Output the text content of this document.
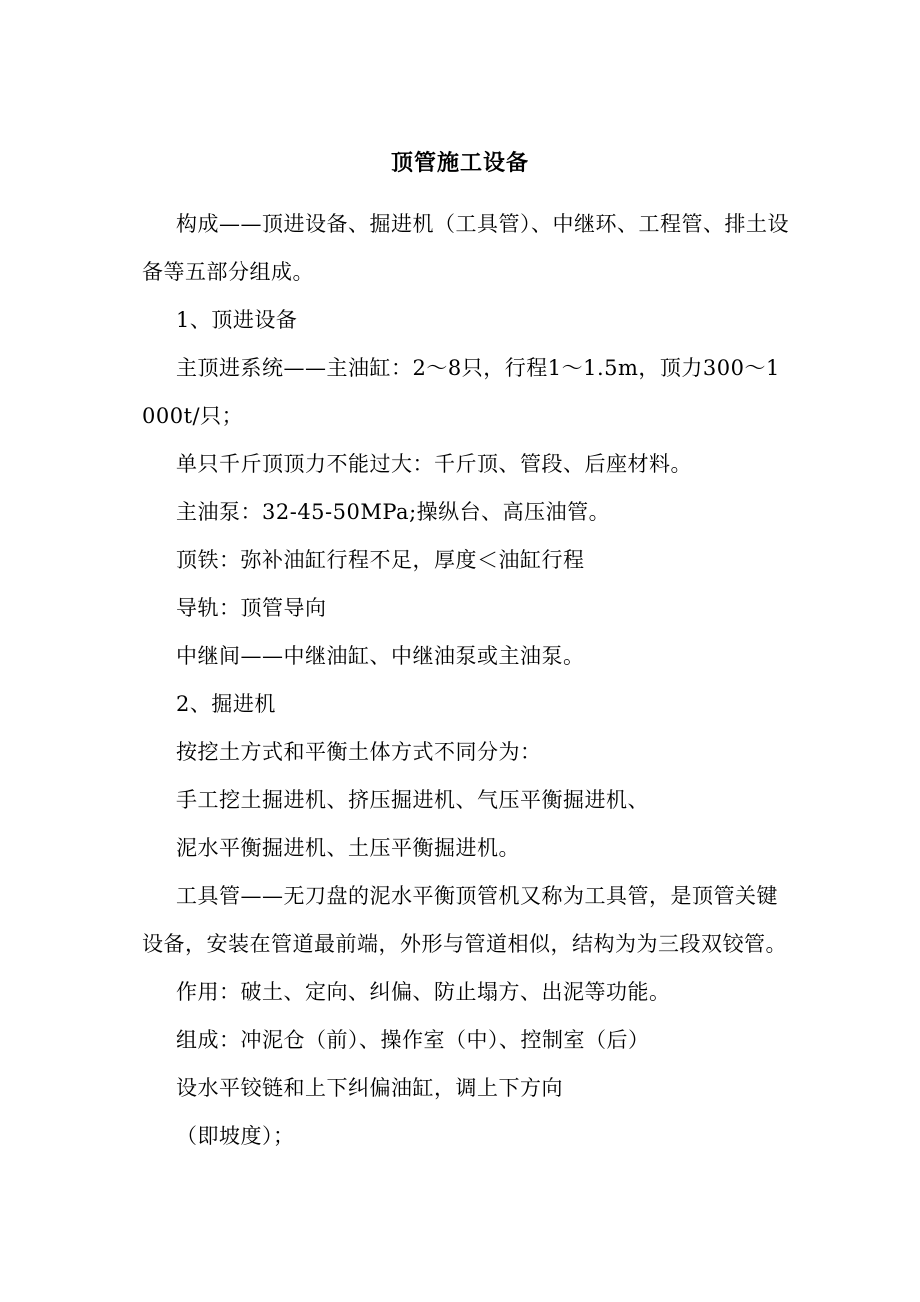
顶管施工设备

构成——顶进设备、掘进机（工具管）、中继环、工程管、排土设备等五部分组成。

1、顶进设备

主顶进系统——主油缸：2～8只，行程1～1.5m，顶力300～1000t/只；

单只千斤顶顶力不能过大：千斤顶、管段、后座材料。

主油泵：32-45-50MPa;操纵台、高压油管。

顶铁：弥补油缸行程不足，厚度＜油缸行程

导轨：顶管导向

中继间——中继油缸、中继油泵或主油泵。

2、掘进机

按挖土方式和平衡土体方式不同分为：

手工挖土掘进机、挤压掘进机、气压平衡掘进机、

泥水平衡掘进机、土压平衡掘进机。

工具管——无刀盘的泥水平衡顶管机又称为工具管，是顶管关键设备，安装在管道最前端，外形与管道相似，结构为为三段双铰管。

作用：破土、定向、纠偏、防止塌方、出泥等功能。

组成：冲泥仓（前）、操作室（中）、控制室（后）

设水平铰链和上下纠偏油缸，调上下方向

（即坡度）；
